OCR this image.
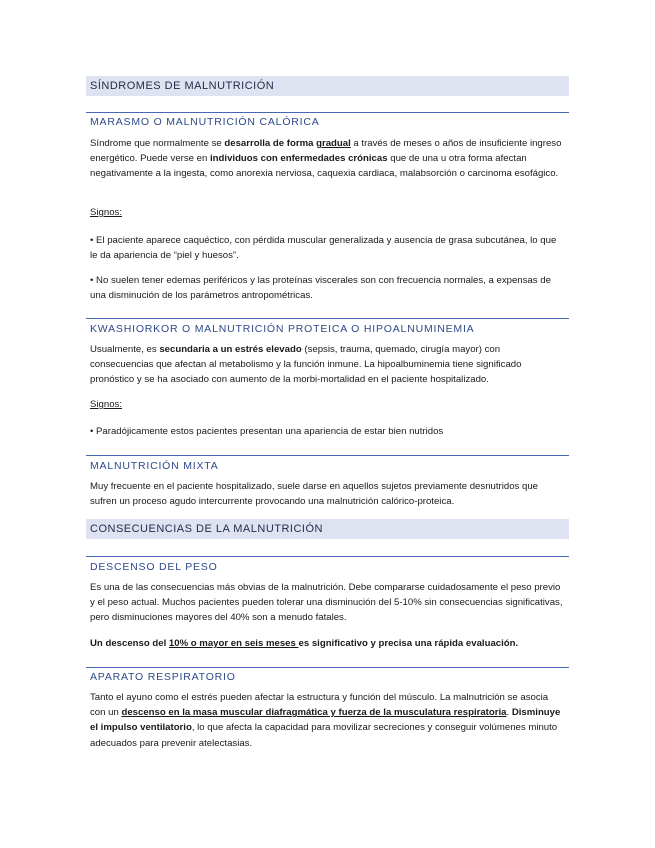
SÍNDROMES DE MALNUTRICIÓN
MARASMO O MALNUTRICIÓN CALÓRICA
Síndrome que normalmente se desarrolla de forma gradual a través de meses o años de insuficiente ingreso energético. Puede verse en individuos con enfermedades crónicas que de una u otra forma afectan negativamente a la ingesta, como anorexia nerviosa, caquexia cardiaca, malabsorción o carcinoma esofágico.
Signos:
• El paciente aparece caquéctico, con pérdida muscular generalizada y ausencia de grasa subcutánea, lo que le da apariencia de “piel y huesos”.
• No suelen tener edemas periféricos y las proteínas viscerales son con frecuencia normales, a expensas de una disminución de los parámetros antropométricas.
KWASHIORKOR O MALNUTRICIÓN PROTEICA O HIPOALNUMINEMIA
Usualmente, es secundaria a un estrés elevado (sepsis, trauma, quemado, cirugía mayor) con consecuencias que afectan al metabolismo y la función inmune. La hipoalbuminemia tiene significado pronóstico y se ha asociado con aumento de la morbi-mortalidad en el paciente hospitalizado.
Signos:
• Paradójicamente estos pacientes presentan una apariencia de estar bien nutridos
MALNUTRICIÓN MIXTA
Muy frecuente en el paciente hospitalizado, suele darse en aquellos sujetos previamente desnutridos que sufren un proceso agudo intercurrente provocando una malnutrición calórico-proteica.
CONSECUENCIAS DE LA MALNUTRICIÓN
DESCENSO DEL PESO
Es una de las consecuencias más obvias de la malnutrición. Debe compararse cuidadosamente el peso previo y el peso actual. Muchos pacientes pueden tolerar una disminución del 5-10% sin consecuencias significativas, pero disminuciones mayores del 40% son a menudo fatales.
Un descenso del 10% o mayor en seis meses es significativo y precisa una rápida evaluación.
APARATO RESPIRATORIO
Tanto el ayuno como el estrés pueden afectar la estructura y función del músculo. La malnutrición se asocia con un descenso en la masa muscular diafragmática y fuerza de la musculatura respiratoria. Disminuye el impulso ventilatorio, lo que afecta la capacidad para movilizar secreciones y conseguir volúmenes minuto adecuados para prevenir atelectasias.
